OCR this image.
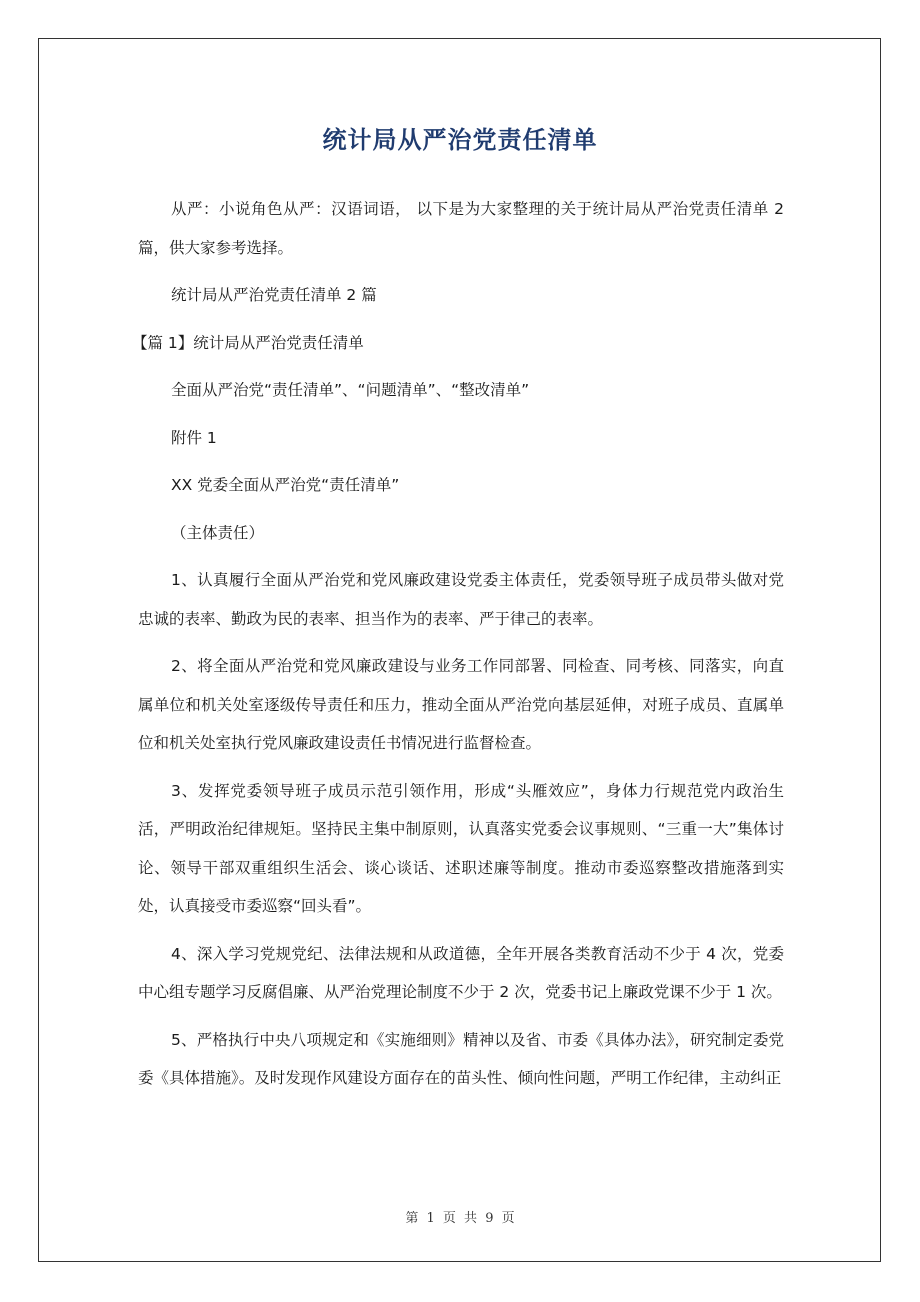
统计局从严治党责任清单

从严：小说角色从严：汉语词语， 以下是为大家整理的关于统计局从严治党责任清单 2 篇，供大家参考选择。

统计局从严治党责任清单 2 篇

【篇 1】统计局从严治党责任清单

全面从严治党“责任清单”、“问题清单”、“整改清单”

附件 1

XX 党委全面从严治党“责任清单”

（主体责任）

1、认真履行全面从严治党和党风廉政建设党委主体责任，党委领导班子成员带头做对党忠诚的表率、勤政为民的表率、担当作为的表率、严于律己的表率。

2、将全面从严治党和党风廉政建设与业务工作同部署、同检查、同考核、同落实，向直属单位和机关处室逐级传导责任和压力，推动全面从严治党向基层延伸，对班子成员、直属单位和机关处室执行党风廉政建设责任书情况进行监督检查。

3、发挥党委领导班子成员示范引领作用，形成“头雁效应”，身体力行规范党内政治生活，严明政治纪律规矩。坚持民主集中制原则，认真落实党委会议事规则、“三重一大”集体讨论、领导干部双重组织生活会、谈心谈话、述职述廉等制度。推动市委巡察整改措施落到实处，认真接受市委巡察“回头看”。

4、深入学习党规党纪、法律法规和从政道德，全年开展各类教育活动不少于 4 次，党委中心组专题学习反腐倡廉、从严治党理论制度不少于 2 次，党委书记上廉政党课不少于 1 次。

5、严格执行中央八项规定和《实施细则》精神以及省、市委《具体办法》，研究制定委党委《具体措施》。及时发现作风建设方面存在的苗头性、倾向性问题，严明工作纪律，主动纠正

第 1 页 共 9 页
